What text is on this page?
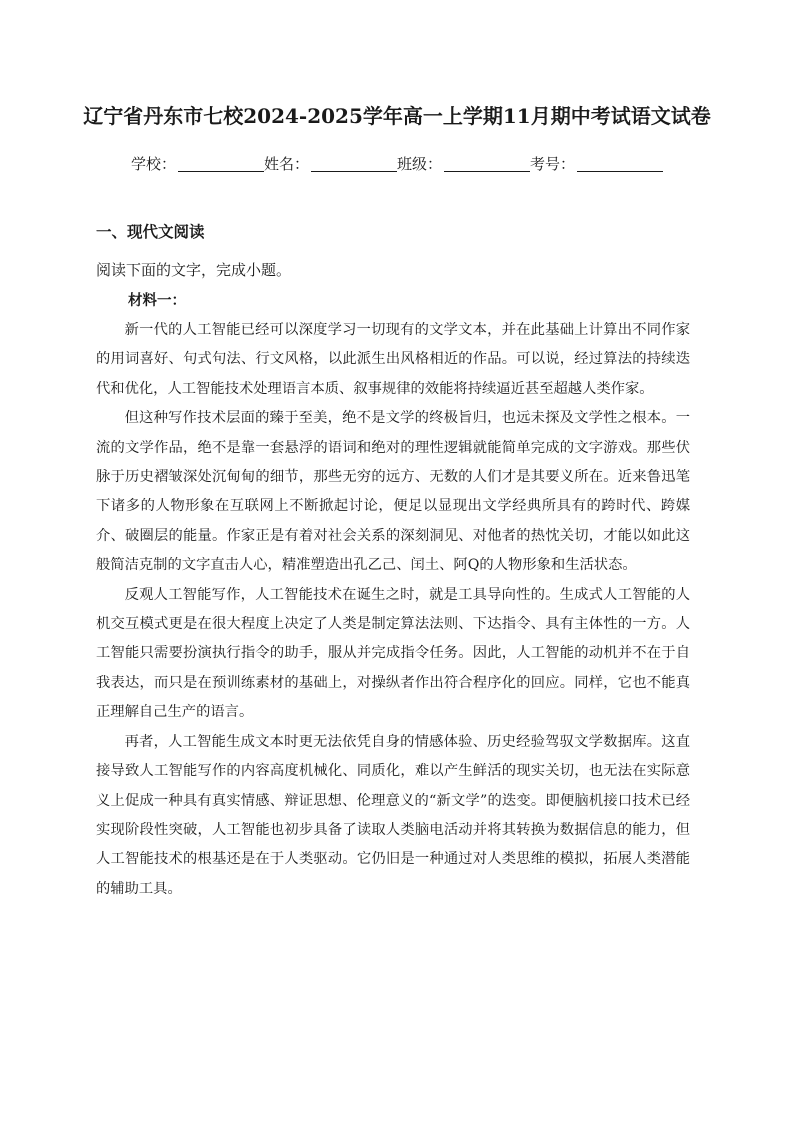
辽宁省丹东市七校2024-2025学年高一上学期11月期中考试语文试卷
学校：	姓名：	班级：	考号：
一、现代文阅读
阅读下面的文字，完成小题。
材料一：

新一代的人工智能已经可以深度学习一切现有的文学文本，并在此基础上计算出不同作家的用词喜好、句式句法、行文风格，以此派生出风格相近的作品。可以说，经过算法的持续迭代和优化，人工智能技术处理语言本质、叙事规律的效能将持续逼近甚至超越人类作家。

但这种写作技术层面的臻于至美，绝不是文学的终极旨归，也远未探及文学性之根本。一流的文学作品，绝不是靠一套悬浮的语词和绝对的理性逻辑就能简单完成的文字游戏。那些伏脉于历史褶皱深处沉甸甸的细节，那些无穷的远方、无数的人们才是其要义所在。近来鲁迅笔下诸多的人物形象在互联网上不断掀起讨论，便足以显现出文学经典所具有的跨时代、跨媒介、破圈层的能量。作家正是有着对社会关系的深刻洞见、对他者的热忱关切，才能以如此这般简洁克制的文字直击人心，精准塑造出孔乙己、闰土、阿Q的人物形象和生活状态。

反观人工智能写作，人工智能技术在诞生之时，就是工具导向性的。生成式人工智能的人机交互模式更是在很大程度上决定了人类是制定算法法则、下达指令、具有主体性的一方。人工智能只需要扮演执行指令的助手，服从并完成指令任务。因此，人工智能的动机并不在于自我表达，而只是在预训练素材的基础上，对操纵者作出符合程序化的回应。同样，它也不能真正理解自己生产的语言。

再者，人工智能生成文本时更无法依凭自身的情感体验、历史经验驾驭文学数据库。这直接导致人工智能写作的内容高度机械化、同质化，难以产生鲜活的现实关切，也无法在实际意义上促成一种具有真实情感、辩证思想、伦理意义的“新文学”的迭变。即便脑机接口技术已经实现阶段性突破，人工智能也初步具备了读取人类脑电活动并将其转换为数据信息的能力，但人工智能技术的根基还是在于人类驱动。它仍旧是一种通过对人类思维的模拟，拓展人类潜能的辅助工具。
